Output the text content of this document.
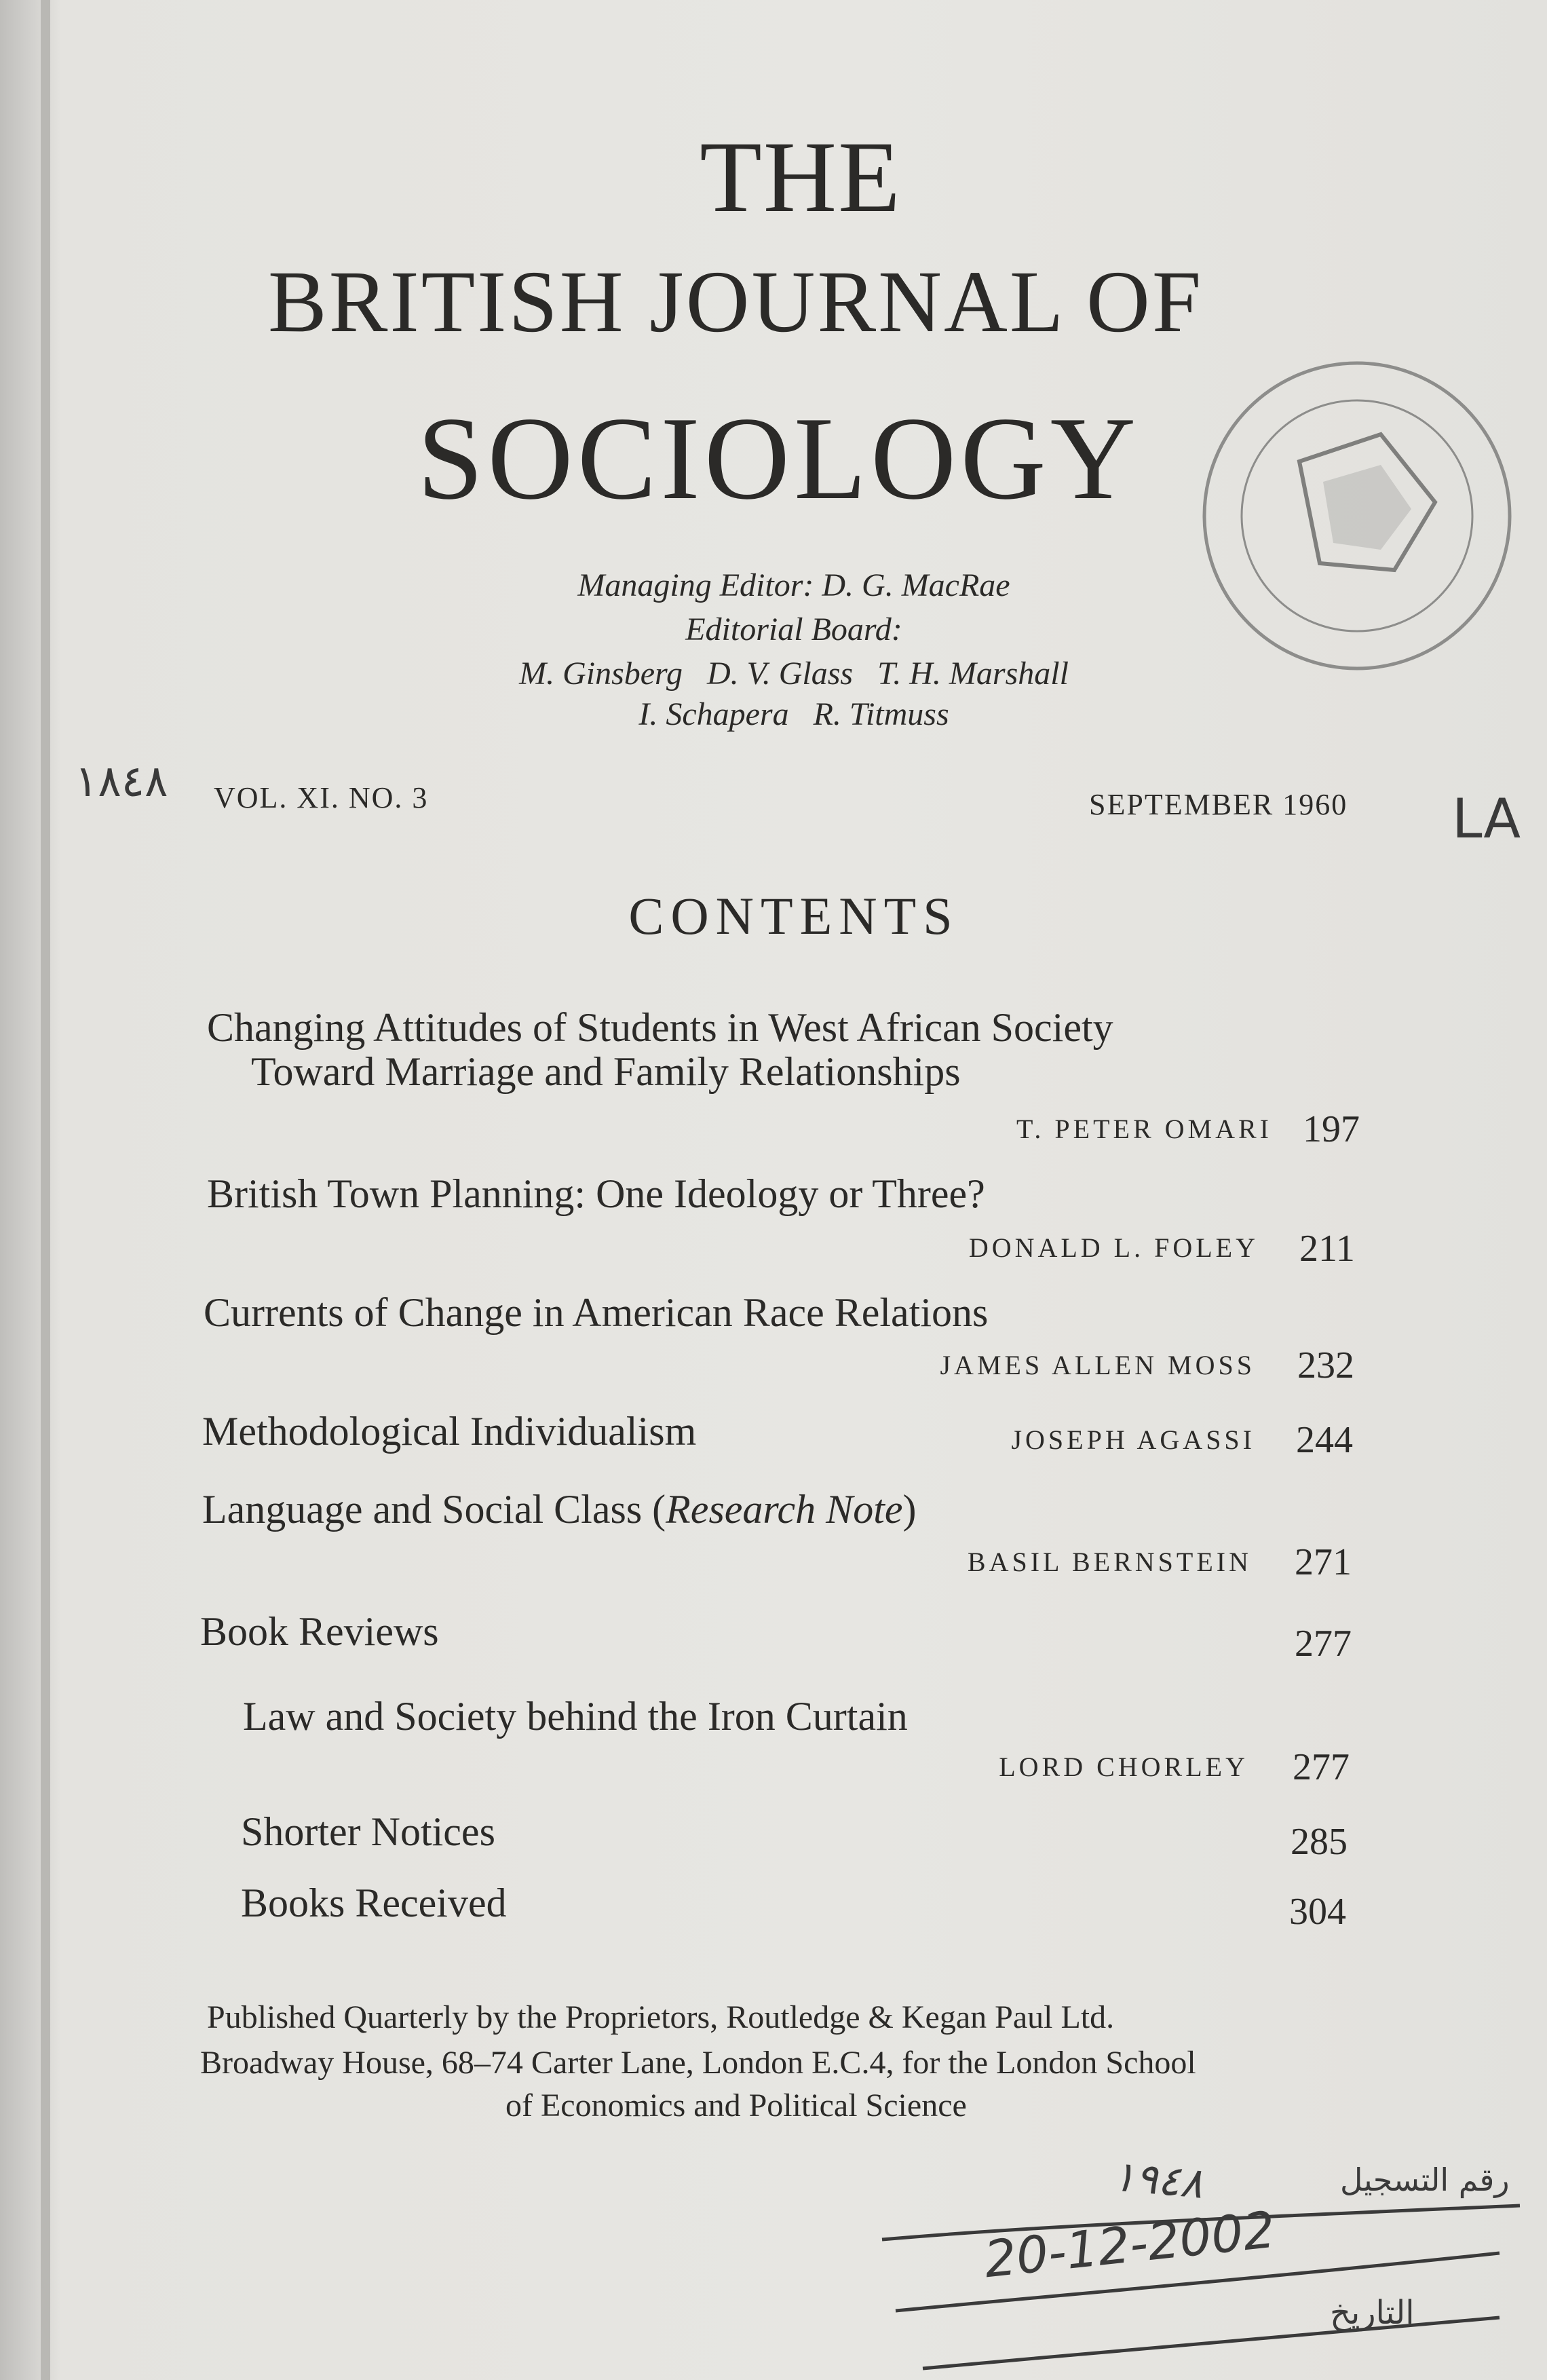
THE
BRITISH JOURNAL OF
SOCIOLOGY
Managing Editor: D. G. MacRae
Editorial Board:
M. Ginsberg   D. V. Glass   T. H. Marshall
I. Schapera   R. Titmuss
١٨٤٨ VOL. XI. NO. 3	SEPTEMBER 1960 LA
CONTENTS
Changing Attitudes of Students in West African Society
Toward Marriage and Family Relationships
T. PETER OMARI 197
British Town Planning: One Ideology or Three?
DONALD L. FOLEY 211
Currents of Change in American Race Relations
JAMES ALLEN MOSS 232
Methodological Individualism	JOSEPH AGASSI 244
Language and Social Class (Research Note)
BASIL BERNSTEIN 271
Book Reviews	277
Law and Society behind the Iron Curtain
LORD CHORLEY 277
Shorter Notices	285
Books Received	304
Published Quarterly by the Proprietors, Routledge & Kegan Paul Ltd.
Broadway House, 68–74 Carter Lane, London E.C.4, for the London School
of Economics and Political Science
التاريخ
رقم التسجيل
١٩٤٨
20-12-2002
